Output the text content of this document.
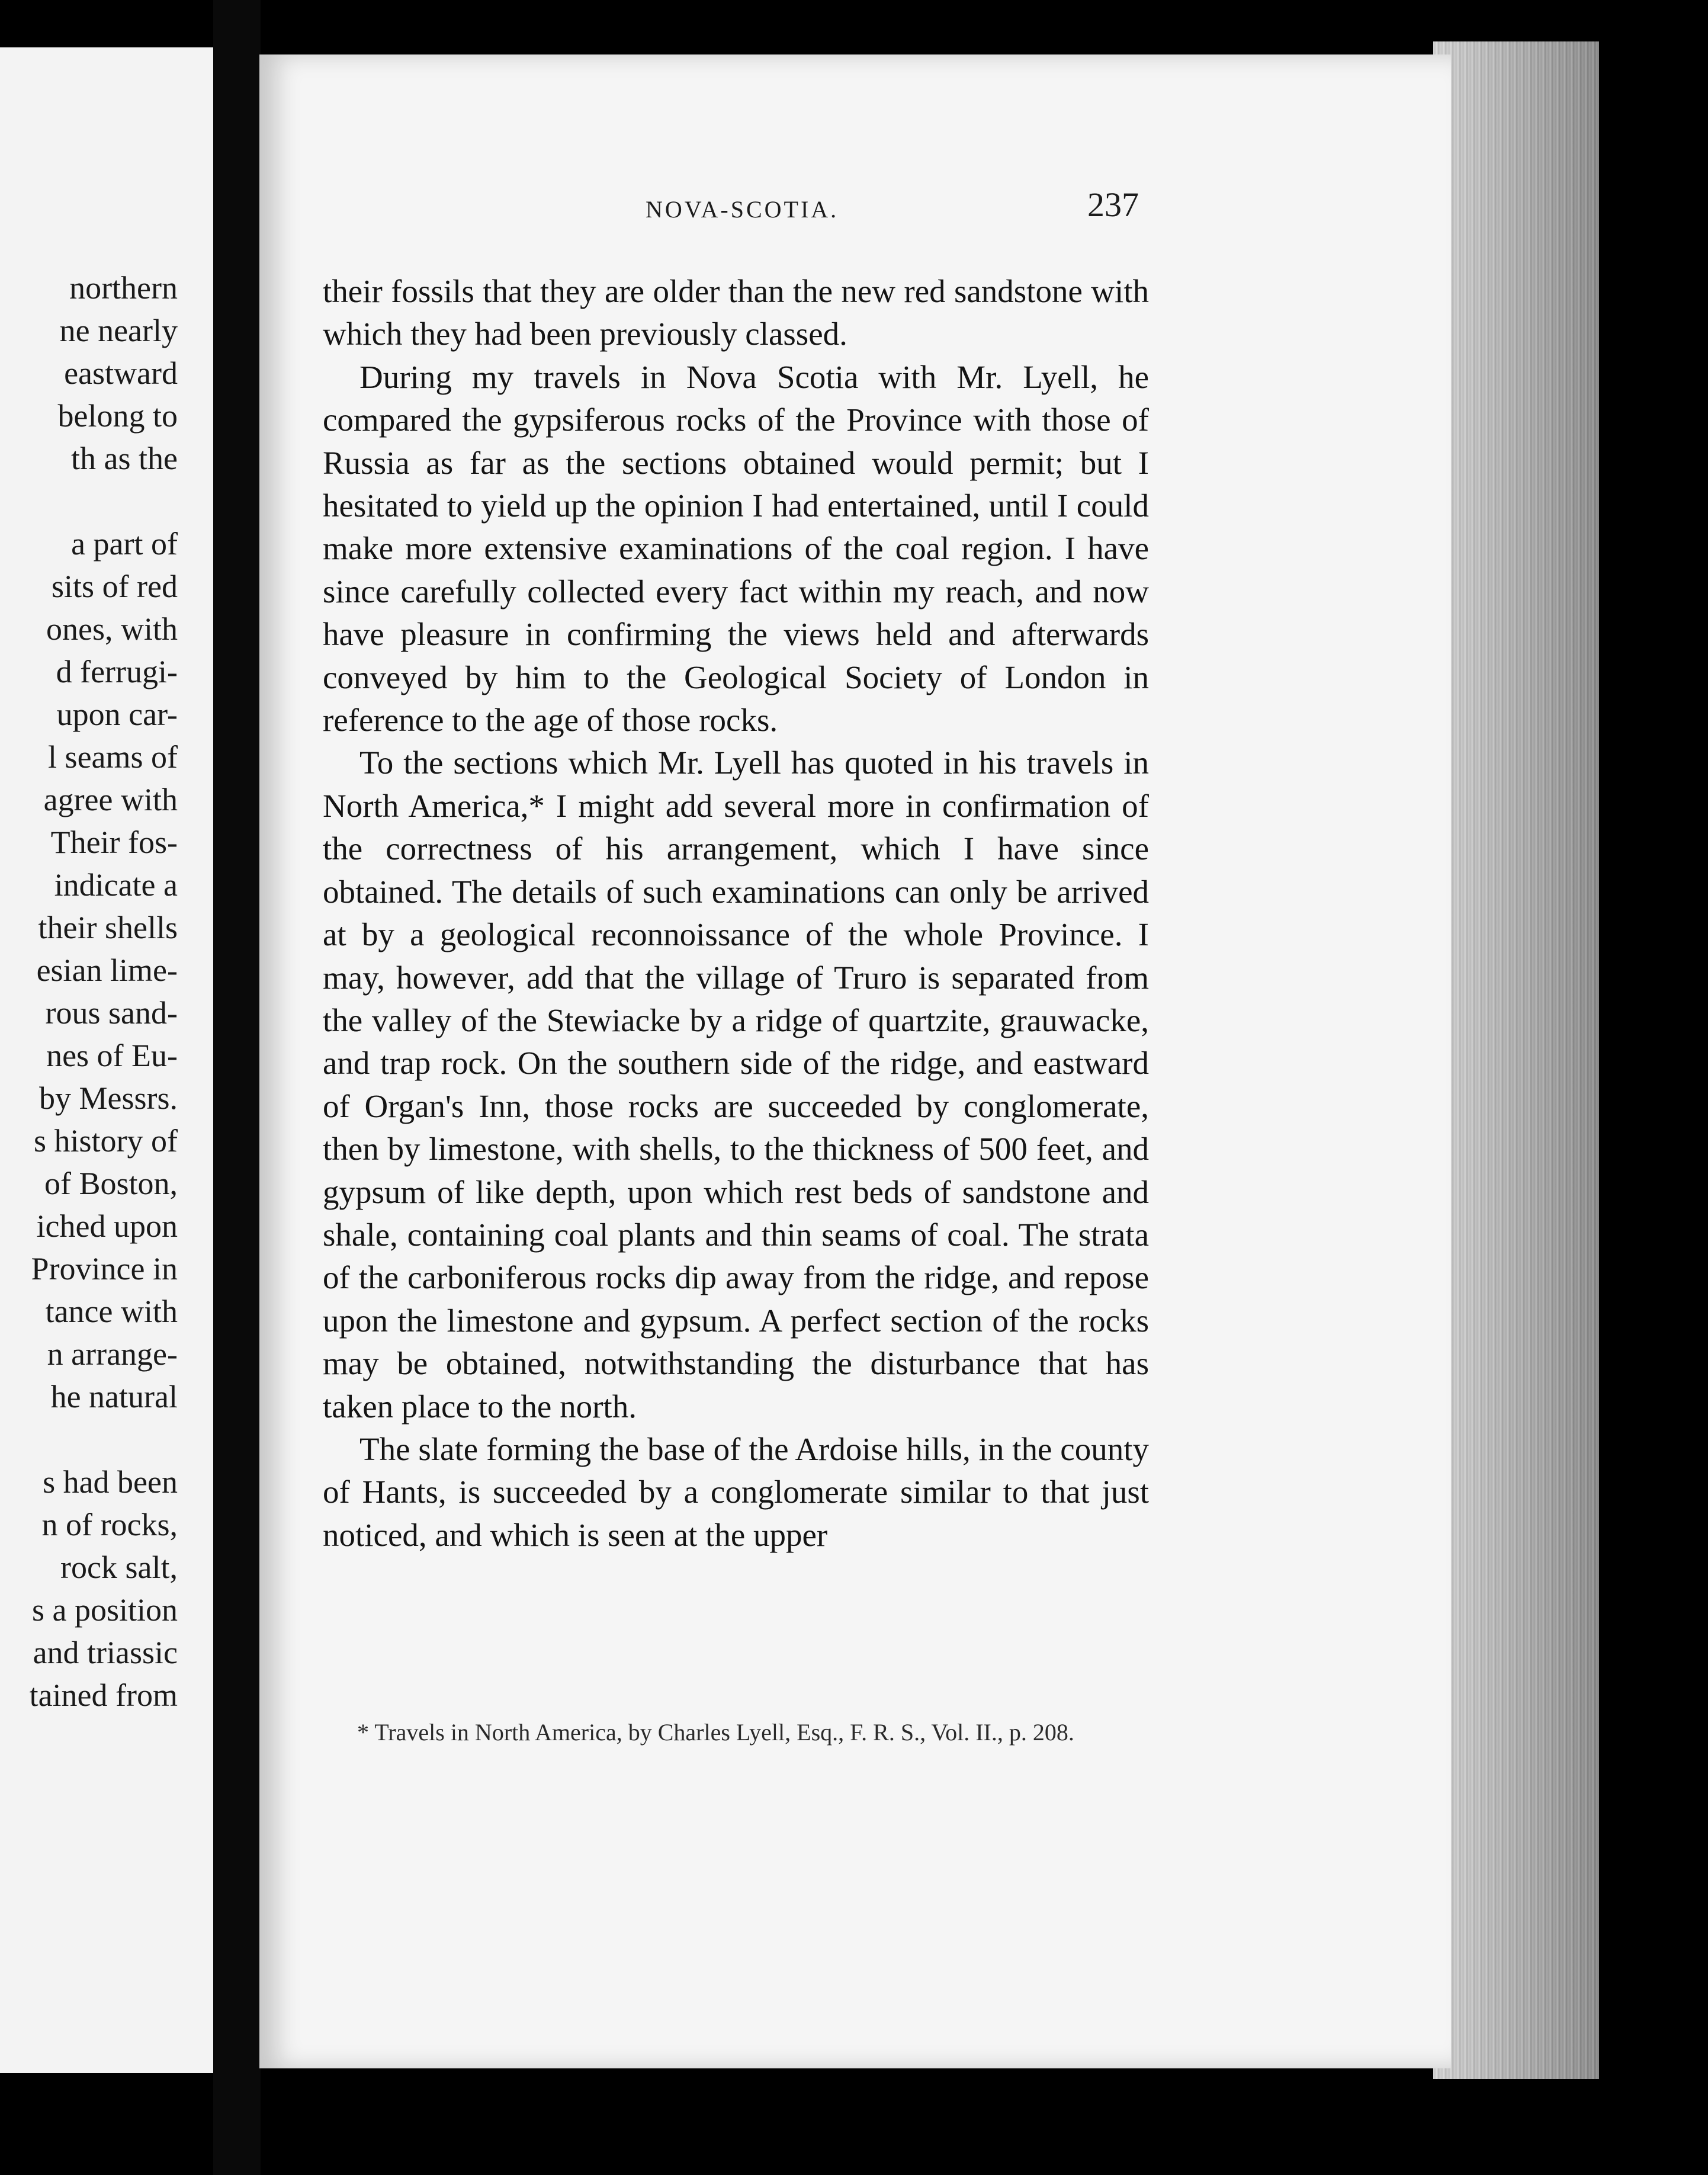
northern
ne nearly
eastward
belong to
th as the
a part of
sits of red
ones, with
d ferrugi-
upon car-
l seams of
agree with
Their fos-
indicate a
their shells
esian lime-
rous sand-
nes of Eu-
by Messrs.
s history of
of Boston,
iched upon
Province in
tance with
n arrange-
he natural
s had been
n of rocks,
rock salt,
s a position
and triassic
tained from
NOVA-SCOTIA.	237

their fossils that they are older than the new red sandstone with which they had been previously classed.

During my travels in Nova Scotia with Mr. Lyell, he compared the gypsiferous rocks of the Province with those of Russia as far as the sections obtained would permit; but I hesitated to yield up the opinion I had entertained, until I could make more extensive examinations of the coal region. I have since carefully collected every fact within my reach, and now have pleasure in confirming the views held and afterwards conveyed by him to the Geological Society of London in reference to the age of those rocks.

To the sections which Mr. Lyell has quoted in his travels in North America,* I might add several more in confirmation of the correctness of his arrangement, which I have since obtained. The details of such examinations can only be arrived at by a geological reconnoissance of the whole Province. I may, however, add that the village of Truro is separated from the valley of the Stewiacke by a ridge of quartzite, grauwacke, and trap rock. On the southern side of the ridge, and eastward of Organ's Inn, those rocks are succeeded by conglomerate, then by limestone, with shells, to the thickness of 500 feet, and gypsum of like depth, upon which rest beds of sandstone and shale, containing coal plants and thin seams of coal. The strata of the carboniferous rocks dip away from the ridge, and repose upon the limestone and gypsum. A perfect section of the rocks may be obtained, notwithstanding the disturbance that has taken place to the north.

The slate forming the base of the Ardoise hills, in the county of Hants, is succeeded by a conglomerate similar to that just noticed, and which is seen at the upper

* Travels in North America, by Charles Lyell, Esq., F. R. S., Vol. II., p. 208.
